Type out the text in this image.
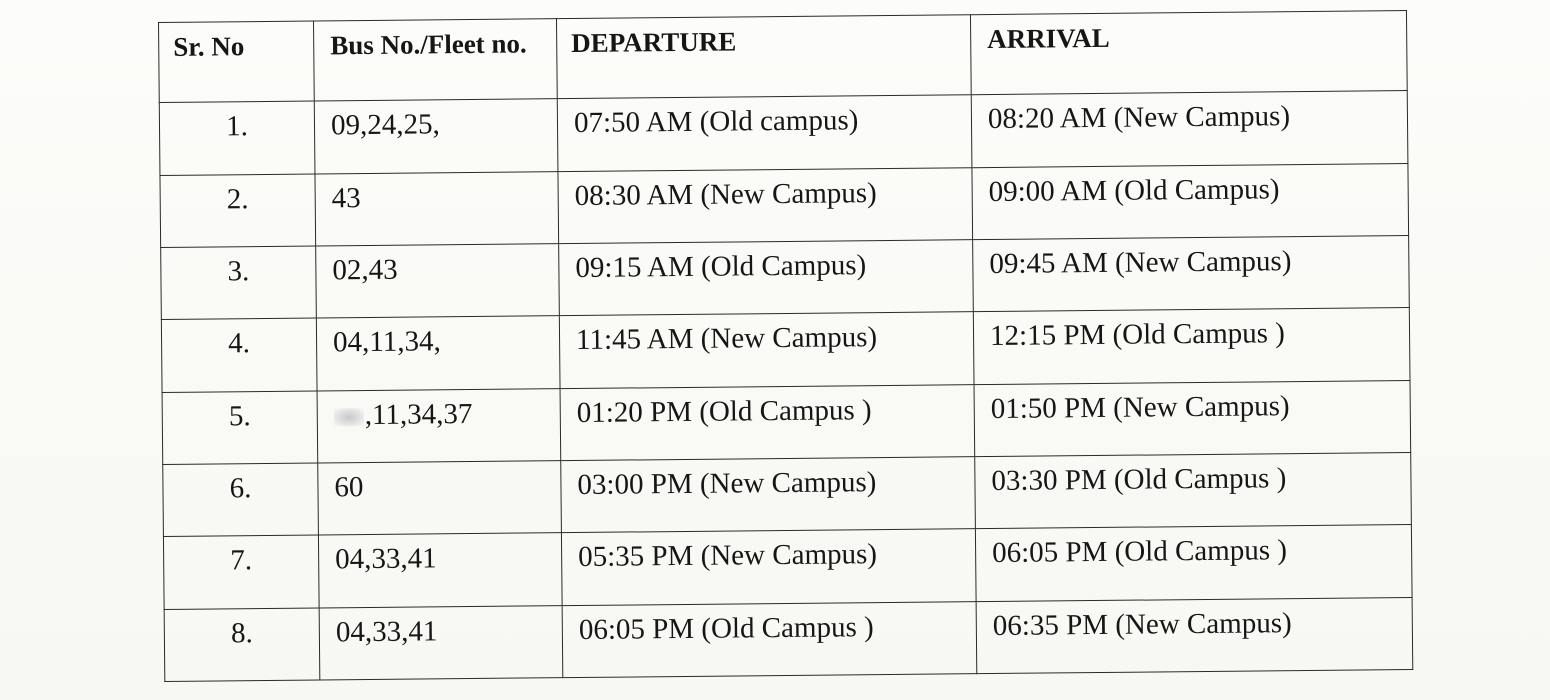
Sr. No	Bus No./Fleet no.	DEPARTURE	ARRIVAL
1.	09,24,25,	07:50 AM (Old campus)	08:20 AM (New Campus)
2.	43	08:30 AM (New Campus)	09:00 AM (Old Campus)
3.	02,43	09:15 AM (Old Campus)	09:45 AM (New Campus)
4.	04,11,34,	11:45 AM (New Campus)	12:15 PM (Old Campus )
5.	,11,34,37	01:20 PM (Old Campus )	01:50 PM (New Campus)
6.	60	03:00 PM (New Campus)	03:30 PM (Old Campus )
7.	04,33,41	05:35 PM (New Campus)	06:05 PM (Old Campus )
8.	04,33,41	06:05 PM (Old Campus )	06:35 PM (New Campus)
